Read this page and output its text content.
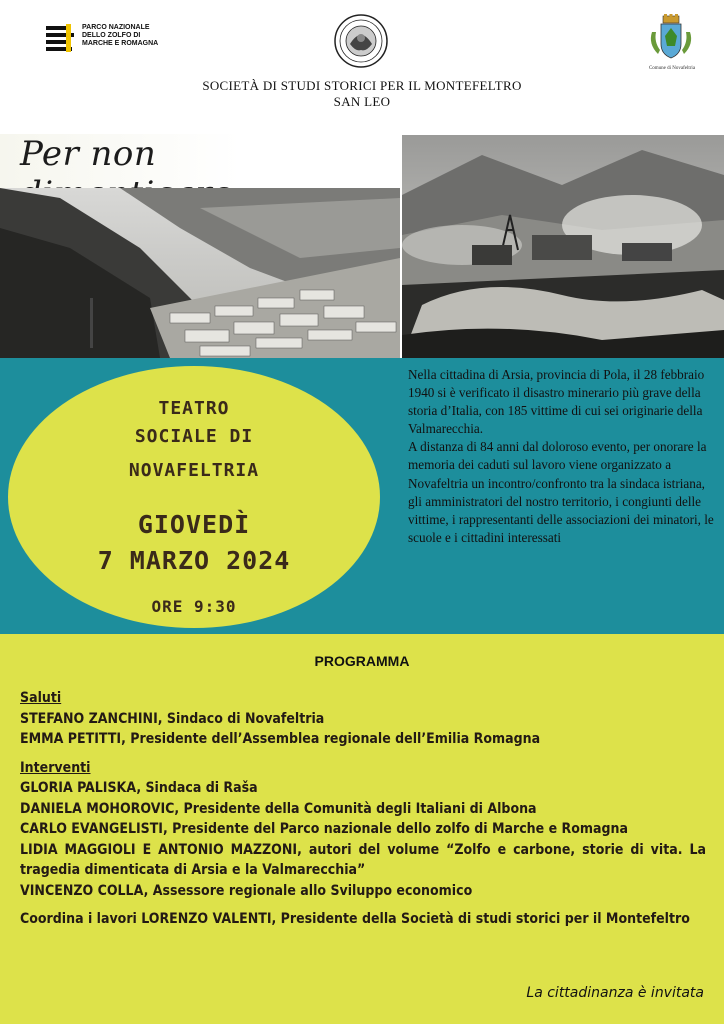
PARCO NAZIONALE
DELLO ZOLFO DI
MARCHE E ROMAGNA
Comune di Novafeltria
SOCIETÀ DI STUDI STORICI PER IL MONTEFELTRO
SAN LEO
Per non
TEATRO
SOCIALE DI
NOVAFELTRIA
GIOVEDÌ
7 MARZO 2024
ORE 9:30

Nella cittadina di Arsia, provincia di Pola, il 28 febbraio 1940 si è verificato il disastro minerario più grave della storia d’Italia, con 185 vittime di cui sei originarie della Valmarecchia.

A distanza di 84 anni dal doloroso evento, per onorare la memoria dei caduti sul lavoro viene organizzato a Novafeltria un incontro/confronto tra la sindaca istriana, gli amministratori del nostro territorio, i congiunti delle vittime, i rappresentanti delle associazioni dei minatori, le scuole e i cittadini interessati

PROGRAMMA
Saluti
STEFANO ZANCHINI, Sindaco di Novafeltria
EMMA PETITTI, Presidente dell’Assemblea regionale dell’Emilia Romagna
Interventi
GLORIA PALISKA, Sindaca di Raša
DANIELA MOHOROVIC, Presidente della Comunità degli Italiani di Albona
CARLO EVANGELISTI, Presidente del Parco nazionale dello zolfo di Marche e Romagna
LIDIA MAGGIOLI E ANTONIO MAZZONI, autori del volume “Zolfo e carbone, storie di vita. La tragedia dimenticata di Arsia e la Valmarecchia”
VINCENZO COLLA, Assessore regionale allo Sviluppo economico
Coordina i lavori LORENZO VALENTI, Presidente della Società di studi storici per il Montefeltro
La cittadinanza è invitata
